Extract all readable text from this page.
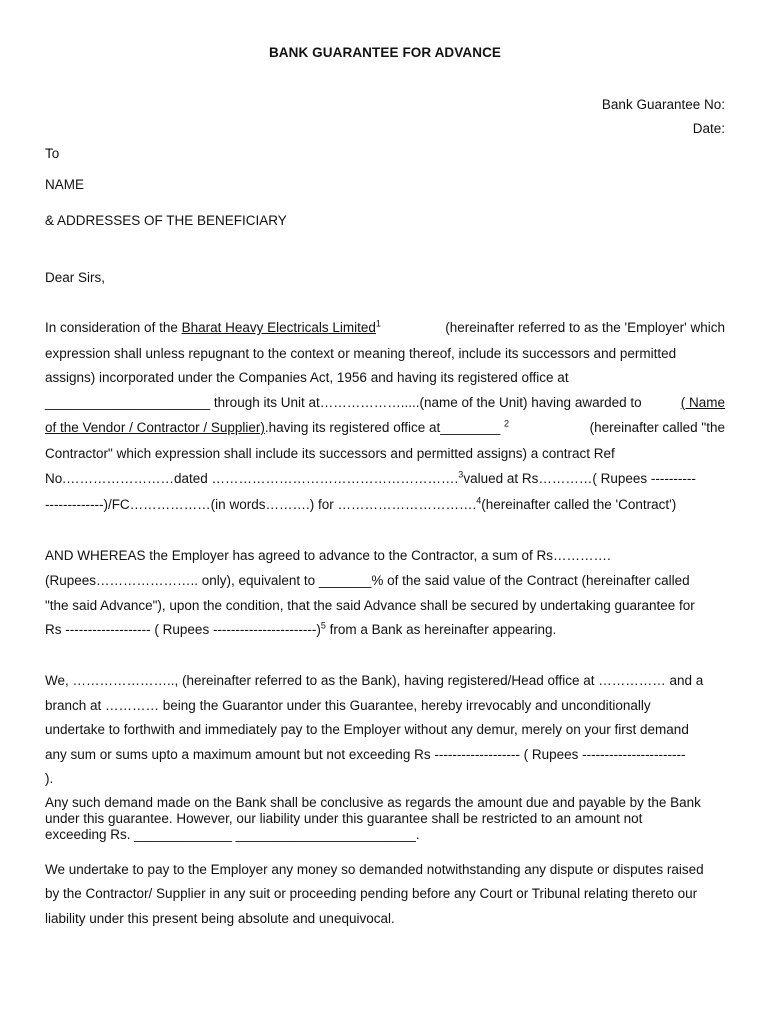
BANK GUARANTEE FOR ADVANCE
Bank Guarantee No:
Date:
To
NAME
& ADDRESSES OF THE BENEFICIARY
Dear Sirs,
In consideration of the Bharat Heavy Electricals Limited$^1$	(hereinafter referred to as the 'Employer' which
expression shall unless repugnant to the context or meaning thereof, include its successors and permitted
assigns) incorporated under the Companies Act, 1956 and having its registered office at
______________________ through its Unit at……………….....(name of the Unit) having awarded to	( Name
of the Vendor / Contractor / Supplier).having its registered office at________ $^2$	(hereinafter called "the
Contractor" which expression shall include its successors and permitted assigns) a contract Ref
No.……………………dated ……………………………………………….$^3$valued at Rs…………( Rupees ----------
-------------)/FC………………(in words……….) for ………………………….$^4$(hereinafter called the 'Contract')
AND WHEREAS the Employer has agreed to advance to the Contractor, a sum of Rs………….
(Rupees………………….. only), equivalent to _______% of the said value of the Contract (hereinafter called
"the said Advance"), upon the condition, that the said Advance shall be secured by undertaking guarantee for
Rs ------------------- ( Rupees -----------------------)$^5$ from a Bank as hereinafter appearing.
We, ………………….., (hereinafter referred to as the Bank), having registered/Head office at …………… and a
branch at ………… being the Guarantor under this Guarantee, hereby irrevocably and unconditionally
undertake to forthwith and immediately pay to the Employer without any demur, merely on your first demand
any sum or sums upto a maximum amount but not exceeding Rs ------------------- ( Rupees -----------------------
).
Any such demand made on the Bank shall be conclusive as regards the amount due and payable by the Bank
under this guarantee. However, our liability under this guarantee shall be restricted to an amount not
exceeding Rs. _____________ ________________________.
We undertake to pay to the Employer any money so demanded notwithstanding any dispute or disputes raised
by the Contractor/ Supplier in any suit or proceeding pending before any Court or Tribunal relating thereto our
liability under this present being absolute and unequivocal.
